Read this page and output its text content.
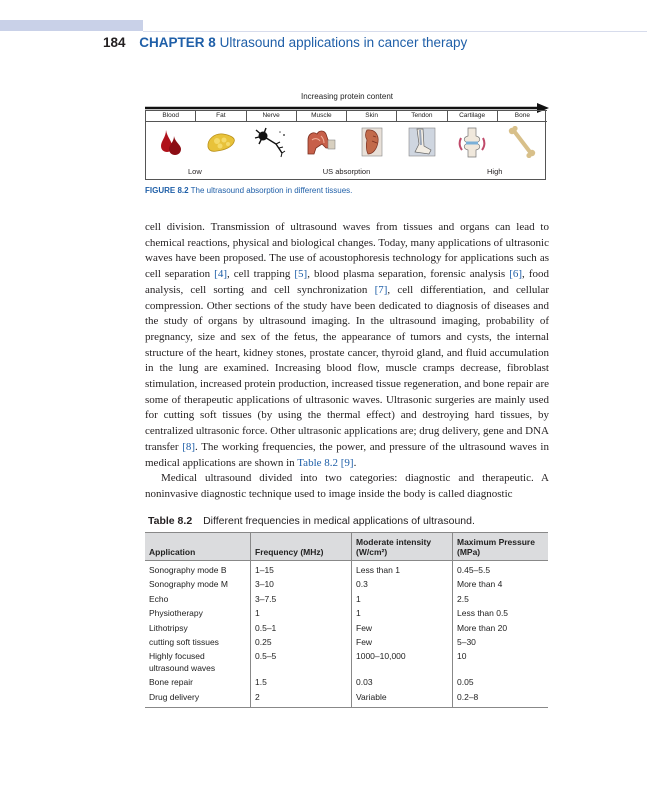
184 CHAPTER 8 Ultrasound applications in cancer therapy
Increasing protein content
Blood	Fat	Nerve	Muscle	Skin	Tendon	Cartilage	Bone
Low	US absorption	High
FIGURE 8.2 The ultrasound absorption in different tissues.

cell division. Transmission of ultrasound waves from tissues and organs can lead to chemical reactions, physical and biological changes. Today, many applications of ultrasonic waves have been proposed. The use of acoustophoresis technology for applications such as cell separation [4], cell trapping [5], blood plasma separation, forensic analysis [6], food analysis, cell sorting and cell synchronization [7], cell differentiation, and cellular compression. Other sections of the study have been dedicated to diagnosis of diseases and the study of organs by ultrasound imaging. In the ultrasound imaging, probability of pregnancy, size and sex of the fetus, the appearance of tumors and cysts, the internal structure of the heart, kidney stones, prostate cancer, thyroid gland, and fluid accumulation in the lung are examined. Increasing blood flow, muscle cramps decrease, fibroblast stimulation, increased protein production, increased tissue regeneration, and bone repair are some of therapeutic applications of ultrasonic waves. Ultrasonic surgeries are mainly used for cutting soft tissues (by using the thermal effect) and destroying hard tissues, by centralized ultrasonic force. Other ultrasonic applications are; drug delivery, gene and DNA transfer [8]. The working frequencies, the power, and pressure of the ultrasound waves in medical applications are shown in Table 8.2 [9].

Medical ultrasound divided into two categories: diagnostic and therapeutic. A noninvasive diagnostic technique used to image inside the body is called diagnostic

Table 8.2 Different frequencies in medical applications of ultrasound.
Application	Frequency (MHz)	Moderate intensity (W/cm²)	Maximum Pressure (MPa)
Sonography mode B	1–15	Less than 1	0.45–5.5
Sonography mode M	3–10	0.3	More than 4
Echo	3–7.5	1	2.5
Physiotherapy	1	1	Less than 0.5
Lithotripsy	0.5–1	Few	More than 20
cutting soft tissues	0.25	Few	5–30
Highly focused ultrasound waves	0.5–5	1000–10,000	10
Bone repair	1.5	0.03	0.05
Drug delivery	2	Variable	0.2–8
